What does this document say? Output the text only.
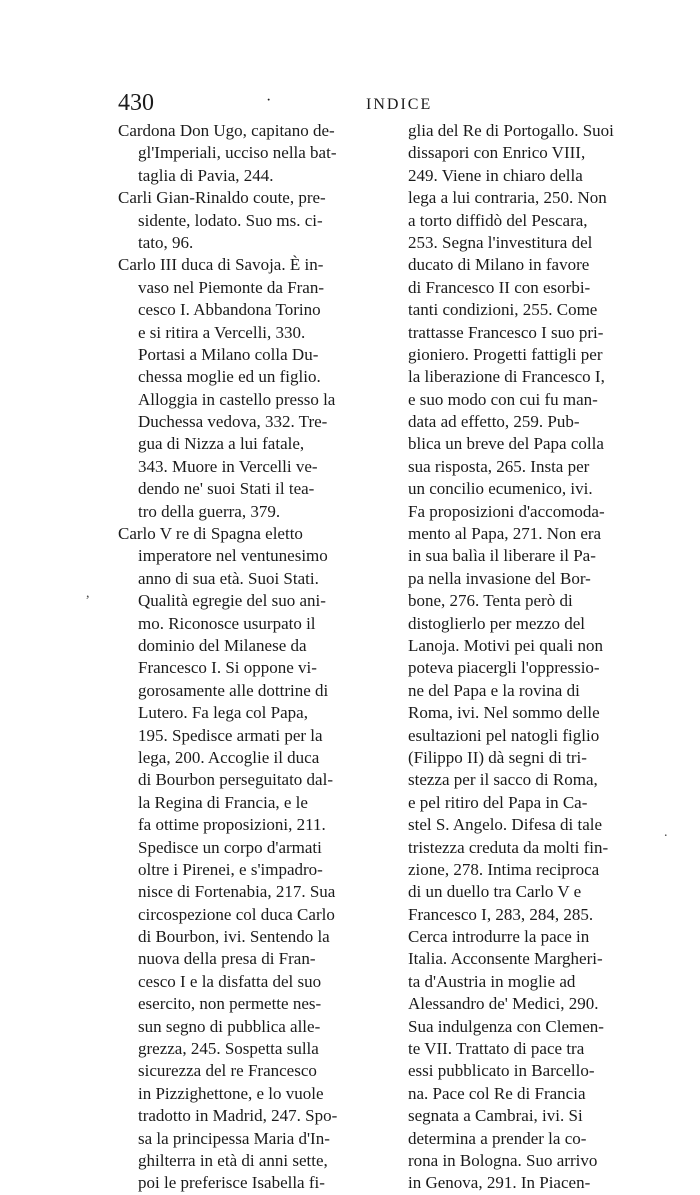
430	·	INDICE
Cardona Don Ugo, capitano de-
gl'Imperiali, ucciso nella bat-
taglia di Pavia, 244.
Carli Gian-Rinaldo coute, pre-
sidente, lodato. Suo ms. ci-
tato, 96.
Carlo III duca di Savoja. È in-
vaso nel Piemonte da Fran-
cesco I. Abbandona Torino
e si ritira a Vercelli, 330.
Portasi a Milano colla Du-
chessa moglie ed un figlio.
Alloggia in castello presso la
Duchessa vedova, 332. Tre-
gua di Nizza a lui fatale,
343. Muore in Vercelli ve-
dendo ne' suoi Stati il tea-
tro della guerra, 379.
Carlo V re di Spagna eletto
imperatore nel ventunesimo
anno di sua età. Suoi Stati.
Qualità egregie del suo ani-
mo. Riconosce usurpato il
dominio del Milanese da
Francesco I. Si oppone vi-
gorosamente alle dottrine di
Lutero. Fa lega col Papa,
195. Spedisce armati per la
lega, 200. Accoglie il duca
di Bourbon perseguitato dal-
la Regina di Francia, e le
fa ottime proposizioni, 211.
Spedisce un corpo d'armati
oltre i Pirenei, e s'impadro-
nisce di Fortenabia, 217. Sua
circospezione col duca Carlo
di Bourbon, ivi. Sentendo la
nuova della presa di Fran-
cesco I e la disfatta del suo
esercito, non permette nes-
sun segno di pubblica alle-
grezza, 245. Sospetta sulla
sicurezza del re Francesco
in Pizzighettone, e lo vuole
tradotto in Madrid, 247. Spo-
sa la principessa Maria d'In-
ghilterra in età di anni sette,
poi le preferisce Isabella fi-
glia del Re di Portogallo. Suoi
dissapori con Enrico VIII,
249. Viene in chiaro della
lega a lui contraria, 250. Non
a torto diffidò del Pescara,
253. Segna l'investitura del
ducato di Milano in favore
di Francesco II con esorbi-
tanti condizioni, 255. Come
trattasse Francesco I suo pri-
gioniero. Progetti fattigli per
la liberazione di Francesco I,
e suo modo con cui fu man-
data ad effetto, 259. Pub-
blica un breve del Papa colla
sua risposta, 265. Insta per
un concilio ecumenico, ivi.
Fa proposizioni d'accomoda-
mento al Papa, 271. Non era
in sua balìa il liberare il Pa-
pa nella invasione del Bor-
bone, 276. Tenta però di
distoglierlo per mezzo del
Lanoja. Motivi pei quali non
poteva piacergli l'oppressio-
ne del Papa e la rovina di
Roma, ivi. Nel sommo delle
esultazioni pel natogli figlio
(Filippo II) dà segni di tri-
stezza per il sacco di Roma,
e pel ritiro del Papa in Ca-
stel S. Angelo. Difesa di tale
tristezza creduta da molti fin-
zione, 278. Intima reciproca
di un duello tra Carlo V e
Francesco I, 283, 284, 285.
Cerca introdurre la pace in
Italia. Acconsente Margheri-
ta d'Austria in moglie ad
Alessandro de' Medici, 290.
Sua indulgenza con Clemen-
te VII. Trattato di pace tra
essi pubblicato in Barcello-
na. Pace col Re di Francia
segnata a Cambrai, ivi. Si
determina a prender la co-
rona in Bologna. Suo arrivo
in Genova, 291. In Piacen-
,
.
